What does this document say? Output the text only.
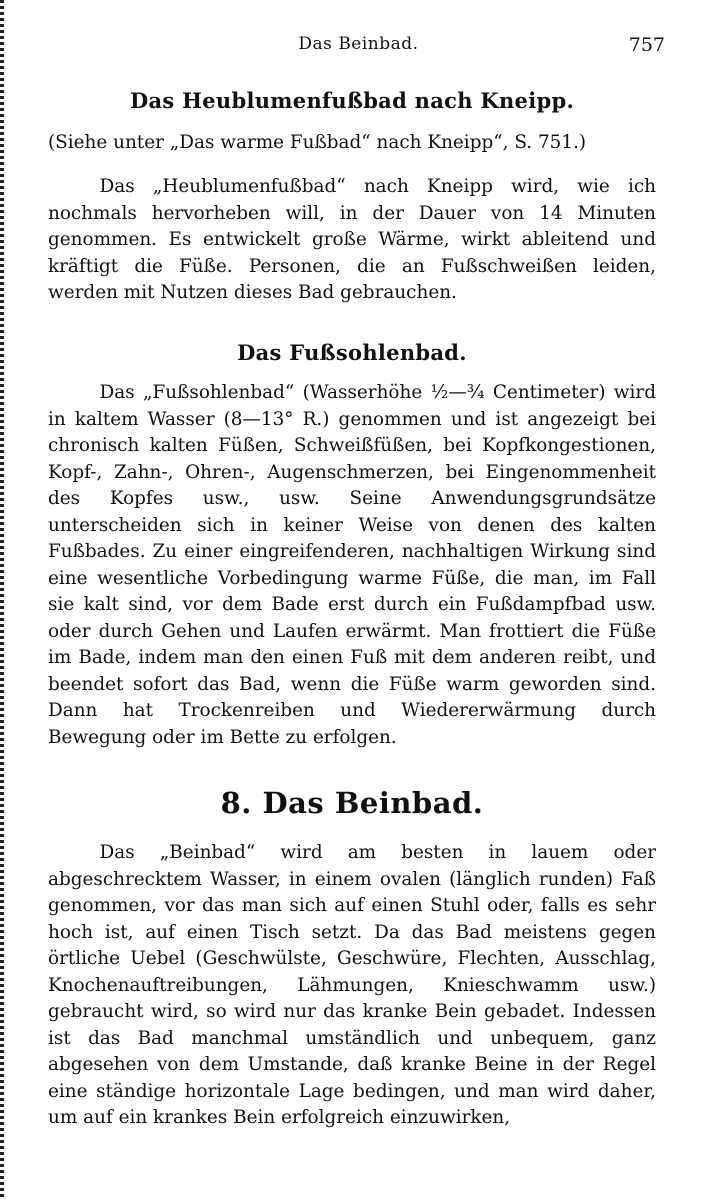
Das Beinbad.	757
Das Heublumenfußbad nach Kneipp.
(Siehe unter „Das warme Fußbad“ nach Kneipp“, S. 751.)
Das „Heublumenfußbad“ nach Kneipp wird, wie ich nochmals hervorheben will, in der Dauer von 14 Minuten genommen. Es entwickelt große Wärme, wirkt ableitend und kräftigt die Füße. Personen, die an Fußschweißen leiden, werden mit Nutzen dieses Bad gebrauchen.
Das Fußsohlenbad.
Das „Fußsohlenbad“ (Wasserhöhe ½—¾ Centimeter) wird in kaltem Wasser (8—13° R.) genommen und ist angezeigt bei chronisch kalten Füßen, Schweißfüßen, bei Kopfkongestionen, Kopf-, Zahn-, Ohren-, Augenschmerzen, bei Eingenommenheit des Kopfes usw., usw. Seine Anwendungsgrundsätze unterscheiden sich in keiner Weise von denen des kalten Fußbades. Zu einer eingreifenderen, nachhaltigen Wirkung sind eine wesentliche Vorbedingung warme Füße, die man, im Fall sie kalt sind, vor dem Bade erst durch ein Fußdampfbad usw. oder durch Gehen und Laufen erwärmt. Man frottiert die Füße im Bade, indem man den einen Fuß mit dem anderen reibt, und beendet sofort das Bad, wenn die Füße warm geworden sind. Dann hat Trockenreiben und Wiedererwärmung durch Bewegung oder im Bette zu erfolgen.
8. Das Beinbad.
Das „Beinbad“ wird am besten in lauem oder abgeschrecktem Wasser, in einem ovalen (länglich runden) Faß genommen, vor das man sich auf einen Stuhl oder, falls es sehr hoch ist, auf einen Tisch setzt. Da das Bad meistens gegen örtliche Uebel (Geschwülste, Geschwüre, Flechten, Ausschlag, Knochenauftreibungen, Lähmungen, Knieschwamm usw.) gebraucht wird, so wird nur das kranke Bein gebadet. Indessen ist das Bad manchmal umständlich und unbequem, ganz abgesehen von dem Umstande, daß kranke Beine in der Regel eine ständige horizontale Lage bedingen, und man wird daher, um auf ein krankes Bein erfolgreich einzuwirken,
